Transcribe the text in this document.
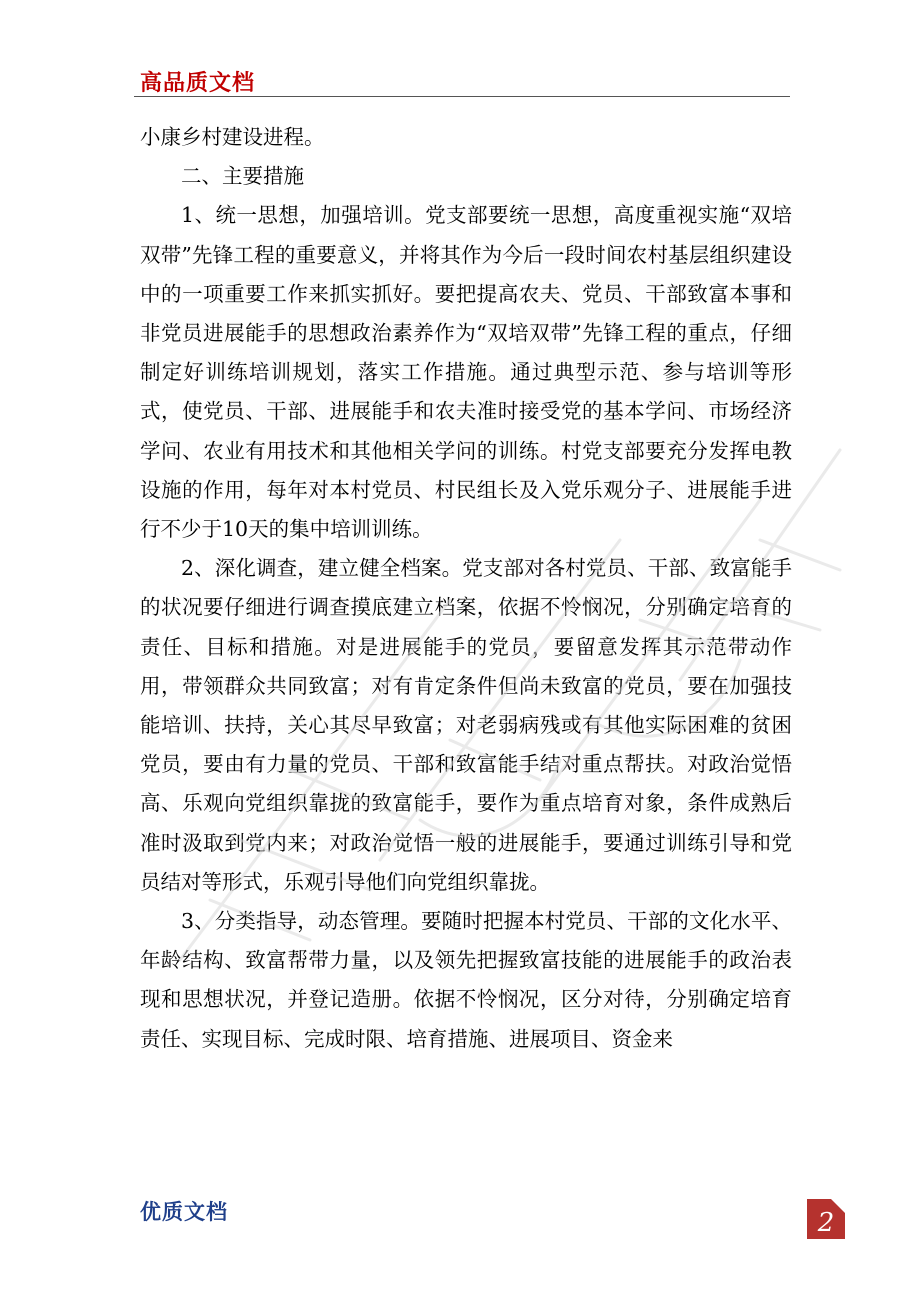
高品质文档

小康乡村建设进程。

二、主要措施

1、统一思想，加强培训。党支部要统一思想，高度重视实施“双培双带”先锋工程的重要意义，并将其作为今后一段时间农村基层组织建设中的一项重要工作来抓实抓好。要把提高农夫、党员、干部致富本事和非党员进展能手的思想政治素养作为“双培双带”先锋工程的重点，仔细制定好训练培训规划，落实工作措施。通过典型示范、参与培训等形式，使党员、干部、进展能手和农夫准时接受党的基本学问、市场经济学问、农业有用技术和其他相关学问的训练。村党支部要充分发挥电教设施的作用，每年对本村党员、村民组长及入党乐观分子、进展能手进行不少于10天的集中培训训练。

2、深化调查，建立健全档案。党支部对各村党员、干部、致富能手的状况要仔细进行调查摸底建立档案，依据不怜悯况，分别确定培育的责任、目标和措施。对是进展能手的党员，要留意发挥其示范带动作用，带领群众共同致富；对有肯定条件但尚未致富的党员，要在加强技能培训、扶持，关心其尽早致富；对老弱病残或有其他实际困难的贫困党员，要由有力量的党员、干部和致富能手结对重点帮扶。对政治觉悟高、乐观向党组织靠拢的致富能手，要作为重点培育对象，条件成熟后准时汲取到党内来；对政治觉悟一般的进展能手，要通过训练引导和党员结对等形式，乐观引导他们向党组织靠拢。

3、分类指导，动态管理。要随时把握本村党员、干部的文化水平、年龄结构、致富帮带力量，以及领先把握致富技能的进展能手的政治表现和思想状况，并登记造册。依据不怜悯况，区分对待，分别确定培育责任、实现目标、完成时限、培育措施、进展项目、资金来

优质文档	2
